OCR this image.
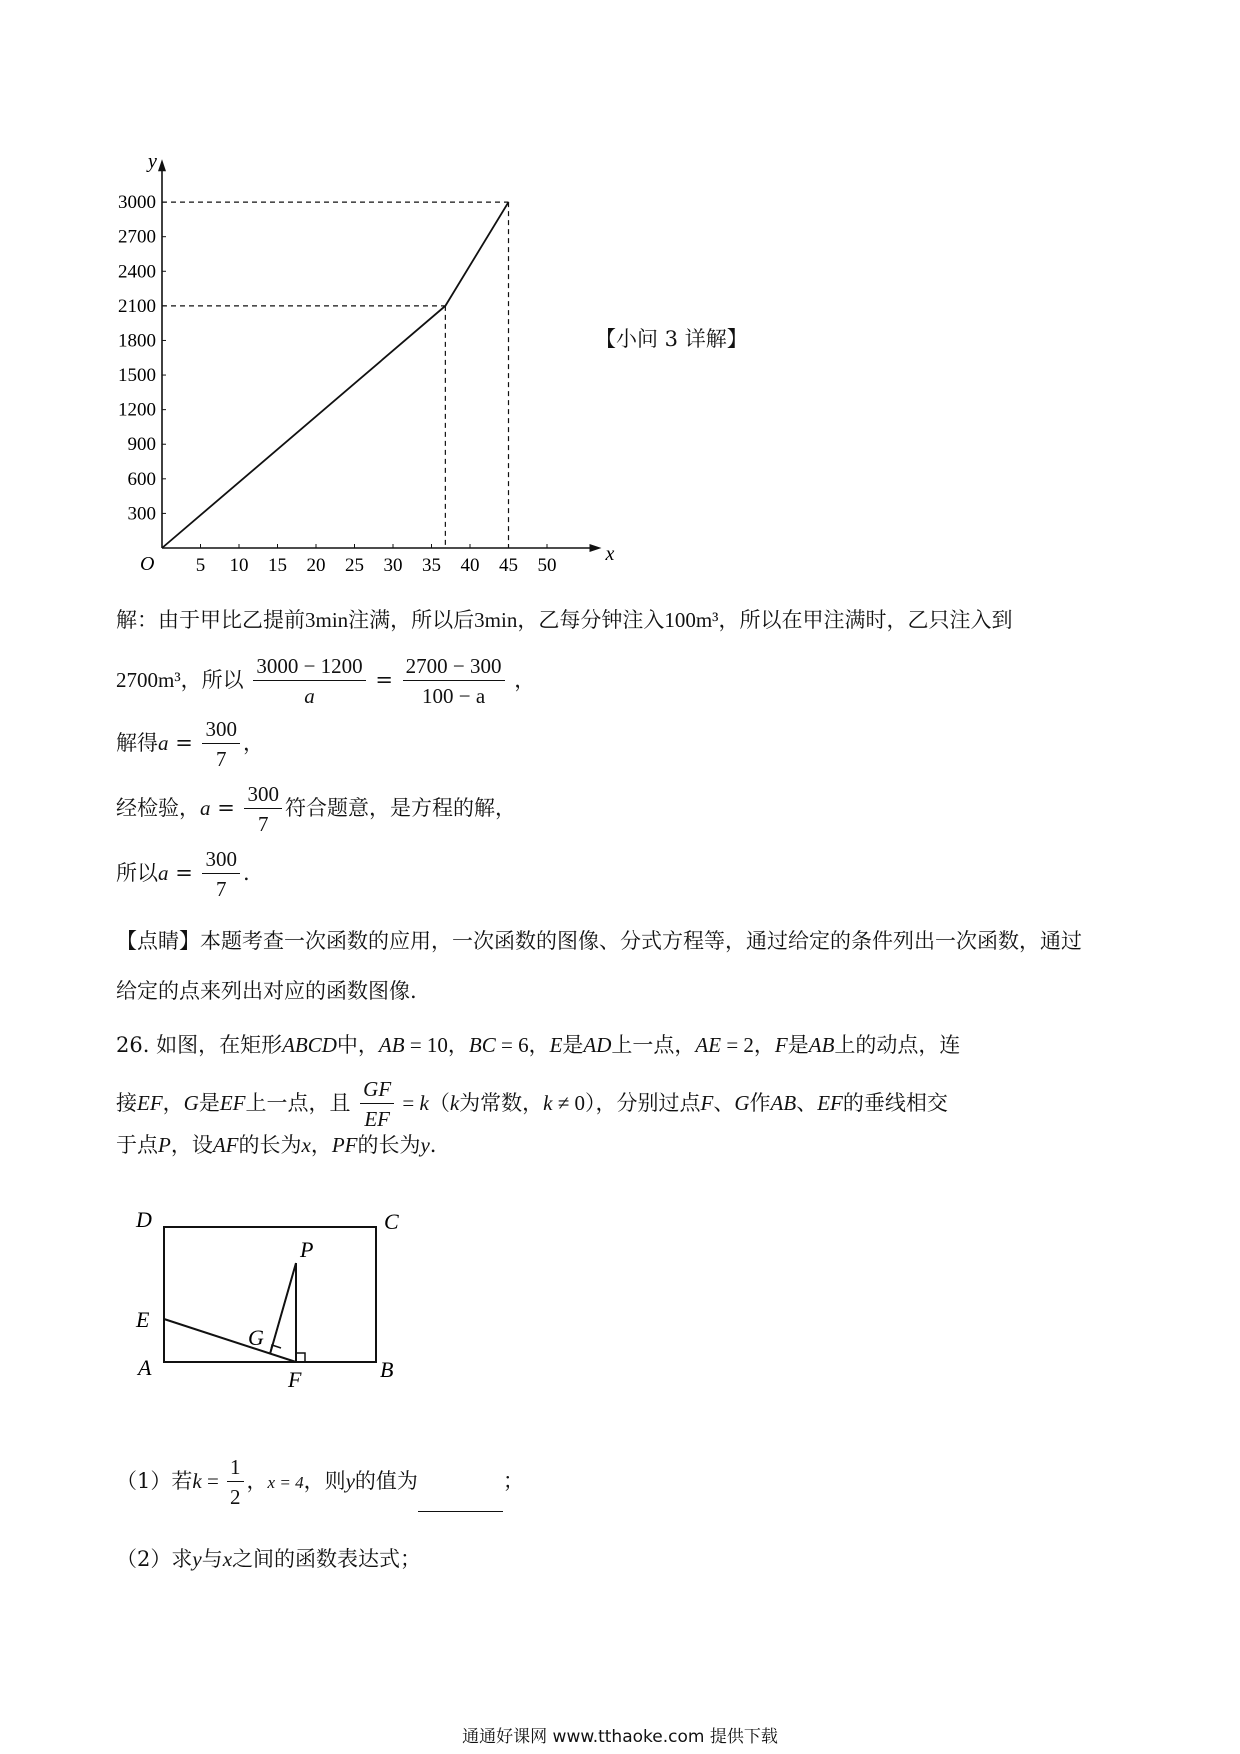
x
y
O 5 10 15 20 25 30 35 40 45 50
300
600
900
1200
1500
1800
2100
2400
2700
3000
【小问 3 详解】
解：由于甲比乙提前3min注满，所以后3min，乙每分钟注入100m³，所以在甲注满时，乙只注入到
2700m³，所以 $\frac{3000 - 1200}{a} = \frac{2700 - 300}{100 - a}$ ，
解得$a = \frac{300}{7}$ ，
经检验，$a = \frac{300}{7}$ 符合题意，是方程的解，
所以$a = \frac{300}{7}$ .
【点睛】本题考查一次函数的应用，一次函数的图像、分式方程等，通过给定的条件列出一次函数，通过
给定的点来列出对应的函数图像.
26. 如图，在矩形ABCD中，AB = 10，BC = 6，E是AD上一点，AE = 2，F是AB上的动点，连
接EF，G是EF上一点，且 $\frac{GF}{EF} = k(k$为常数，k ≠ 0），分别过点F、G作AB、EF的垂线相交
于点P，设AF的长为x，PF的长为y.
D	C
P
E
G
A	F	B
（1）若$k = \frac{1}{2}$ ，x = 4，则y的值为	；
（2）求y与x之间的函数表达式；
通通好课网 www.tthaoke.com 提供下载
